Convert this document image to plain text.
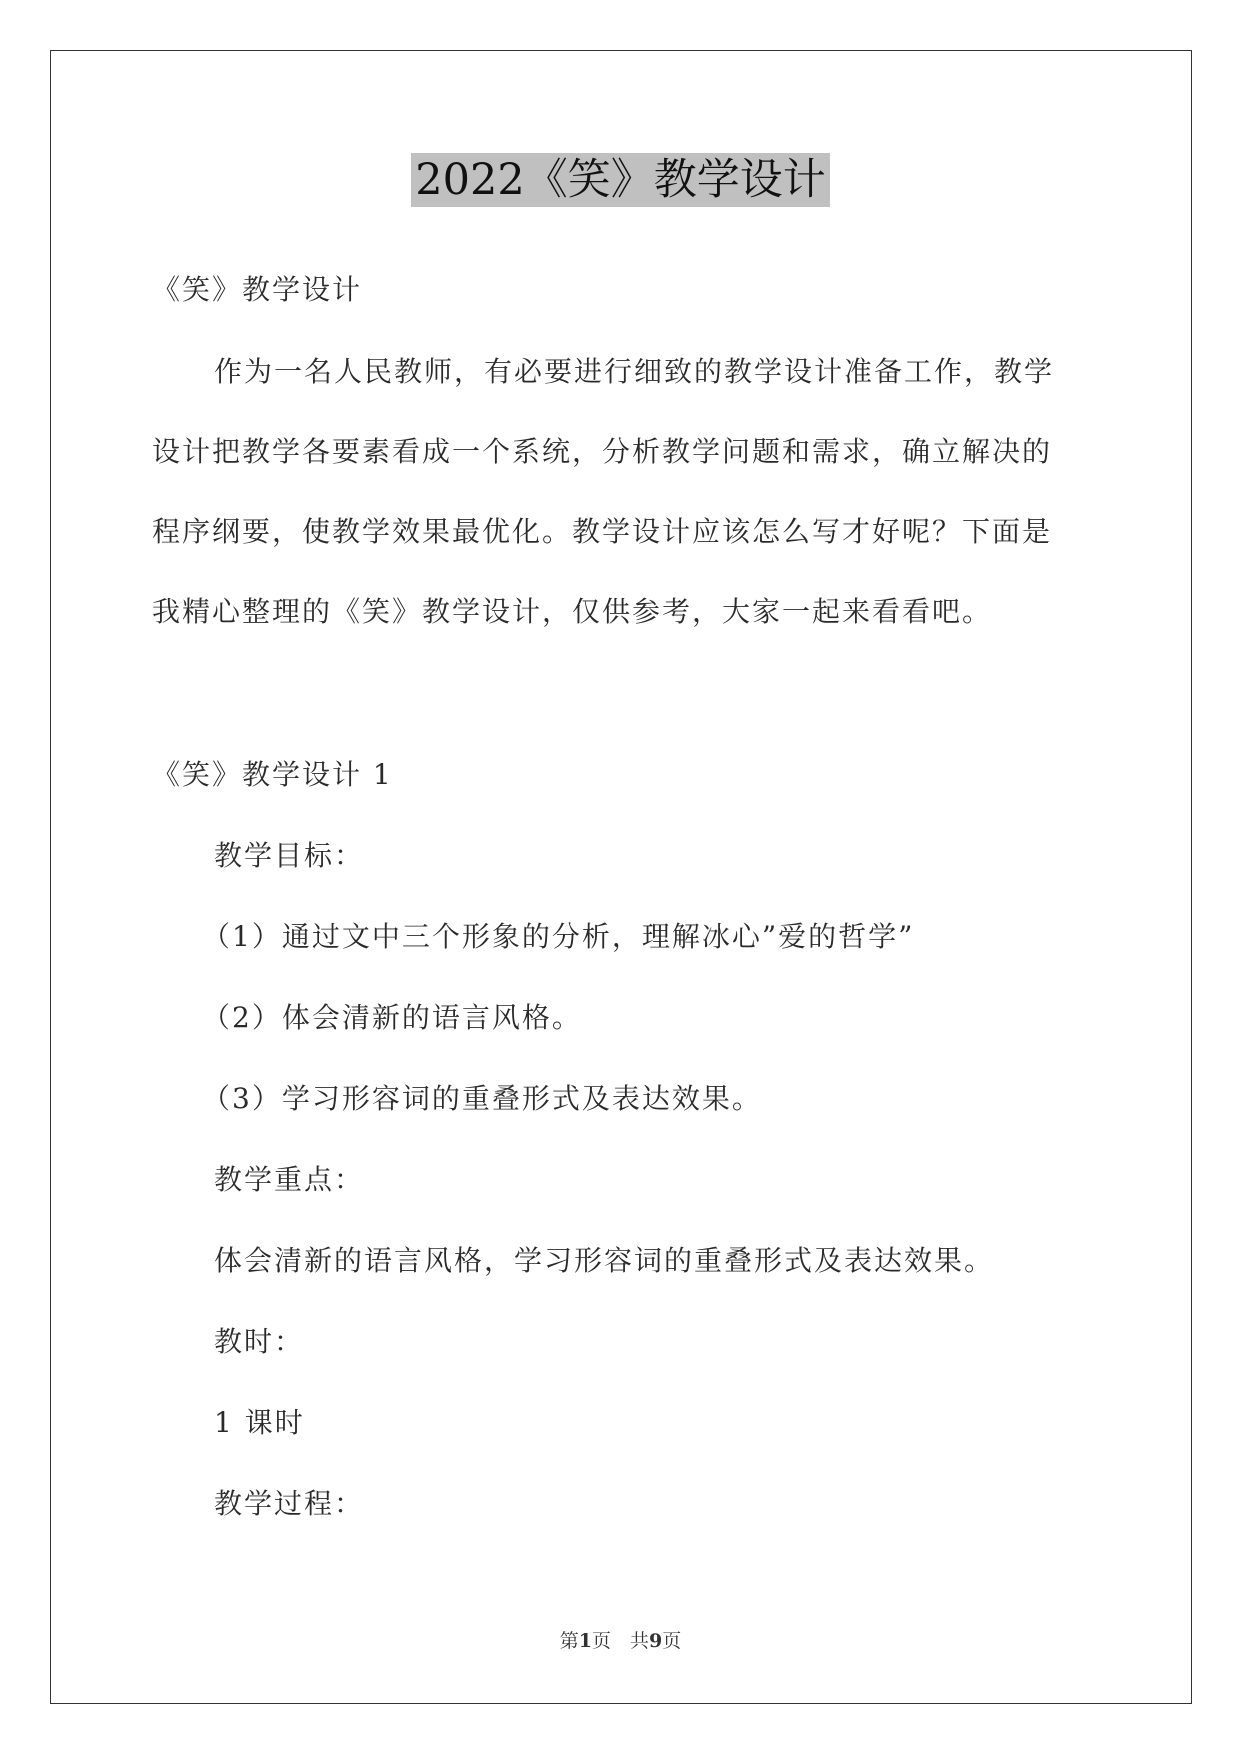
2022《笑》教学设计
《笑》教学设计
作为一名人民教师，有必要进行细致的教学设计准备工作，教学
设计把教学各要素看成一个系统，分析教学问题和需求，确立解决的
程序纲要，使教学效果最优化。教学设计应该怎么写才好呢？下面是
我精心整理的《笑》教学设计，仅供参考，大家一起来看看吧。
《笑》教学设计 1
教学目标：
（1）通过文中三个形象的分析，理解冰心”爱的哲学”
（2）体会清新的语言风格。
（3）学习形容词的重叠形式及表达效果。
教学重点：
体会清新的语言风格，学习形容词的重叠形式及表达效果。
教时：
1 课时
教学过程：
第1页　共9页
